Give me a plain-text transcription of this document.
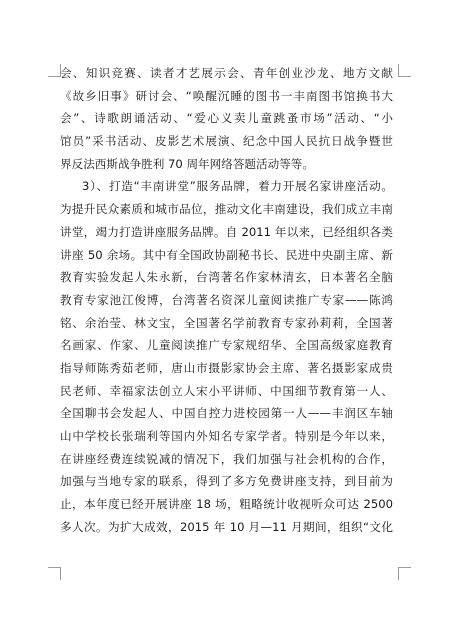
会、知识竞赛、读者才艺展示会、青年创业沙龙、地方文献
《故乡旧事》研讨会、“唤醒沉睡的图书一丰南图书馆换书大
会”、诗歌朗诵活动、“爱心义卖儿童跳蚤市场”活动、“小
馆员”采书活动、皮影艺术展演、纪念中国人民抗日战争暨世
界反法西斯战争胜利 70 周年网络答题活动等等。
3）、打造“丰南讲堂”服务品牌，着力开展名家讲座活动。
为提升民众素质和城市品位，推动文化丰南建设，我们成立丰南
讲堂，竭力打造讲座服务品牌。自 2011 年以来，已经组织各类
讲座 50 余场。其中有全国政协副秘书长、民进中央副主席、新
教育实验发起人朱永新，台湾著名作家林清玄，日本著名全脑
教育专家池江俊博，台湾著名资深儿童阅读推广专家——陈鸿
铭、余治莹、林文宝，全国著名学前教育专家孙莉莉，全国著
名画家、作家、儿童阅读推广专家规绍华、全国高级家庭教育
指导师陈秀茹老师，唐山市摄影家协会主席、著名摄影家成贵
民老师、幸福家法创立人宋小平讲师、中国细节教育第一人、
全国聊书会发起人、中国自控力进校园第一人——丰润区车轴
山中学校长张瑞利等国内外知名专家学者。特别是今年以来，
在讲座经费连续锐减的情况下，我们加强与社会机构的合作，
加强与当地专家的联系，得到了多方免费讲座支持，到目前为
止，本年度已经开展讲座 18 场，粗略统计收视听众可达 2500
多人次。为扩大成效，2015 年 10 月—11 月期间，组织“文化
